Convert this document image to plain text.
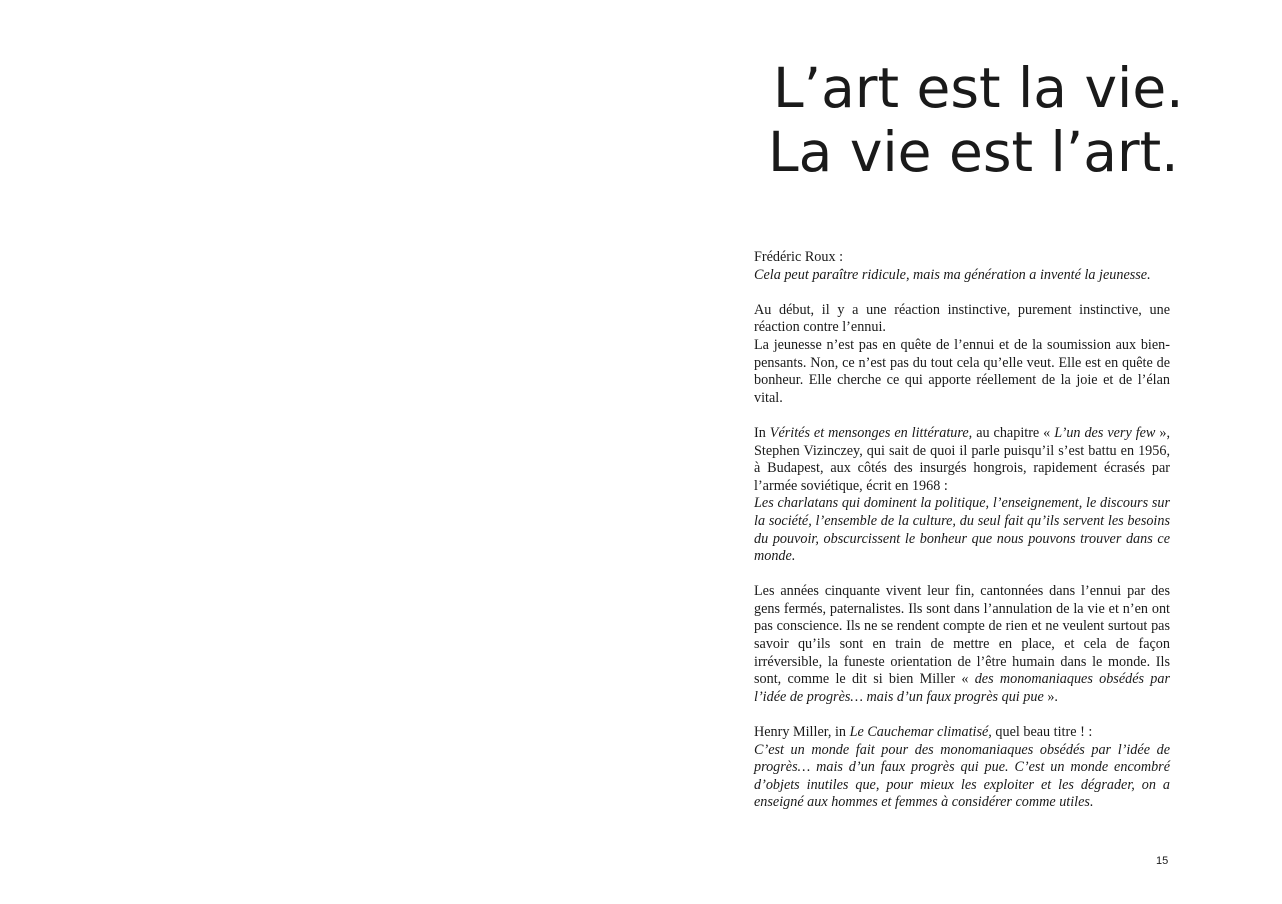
L’art est la vie.
La vie est l’art.

Frédéric Roux :
Cela peut paraître ridicule, mais ma génération a inventé la jeunesse.

Au début, il y a une réaction instinctive, purement instinctive, une réaction contre l’ennui.
La jeunesse n’est pas en quête de l’ennui et de la soumission aux bien-pensants. Non, ce n’est pas du tout cela qu’elle veut. Elle est en quête de bonheur. Elle cherche ce qui apporte réellement de la joie et de l’élan vital.

In Vérités et mensonges en littérature, au chapitre « L’un des very few », Stephen Vizinczey, qui sait de quoi il parle puisqu’il s’est battu en 1956, à Budapest, aux côtés des insurgés hongrois, rapidement écrasés par l’armée soviétique, écrit en 1968 :
Les charlatans qui dominent la politique, l’enseignement, le discours sur la société, l’ensemble de la culture, du seul fait qu’ils servent les besoins du pouvoir, obscurcissent le bonheur que nous pouvons trouver dans ce monde.

Les années cinquante vivent leur fin, cantonnées dans l’ennui par des gens fermés, paternalistes. Ils sont dans l’annulation de la vie et n’en ont pas conscience. Ils ne se rendent compte de rien et ne veulent surtout pas savoir qu’ils sont en train de mettre en place, et cela de façon irréversible, la funeste orientation de l’être humain dans le monde. Ils sont, comme le dit si bien Miller « des monomaniaques obsédés par l’idée de progrès… mais d’un faux progrès qui pue ».

Henry Miller, in Le Cauchemar climatisé, quel beau titre ! :
C’est un monde fait pour des monomaniaques obsédés par l’idée de progrès… mais d’un faux progrès qui pue. C’est un monde encombré d’objets inutiles que, pour mieux les exploiter et les dégrader, on a enseigné aux hommes et femmes à considérer comme utiles.

15
